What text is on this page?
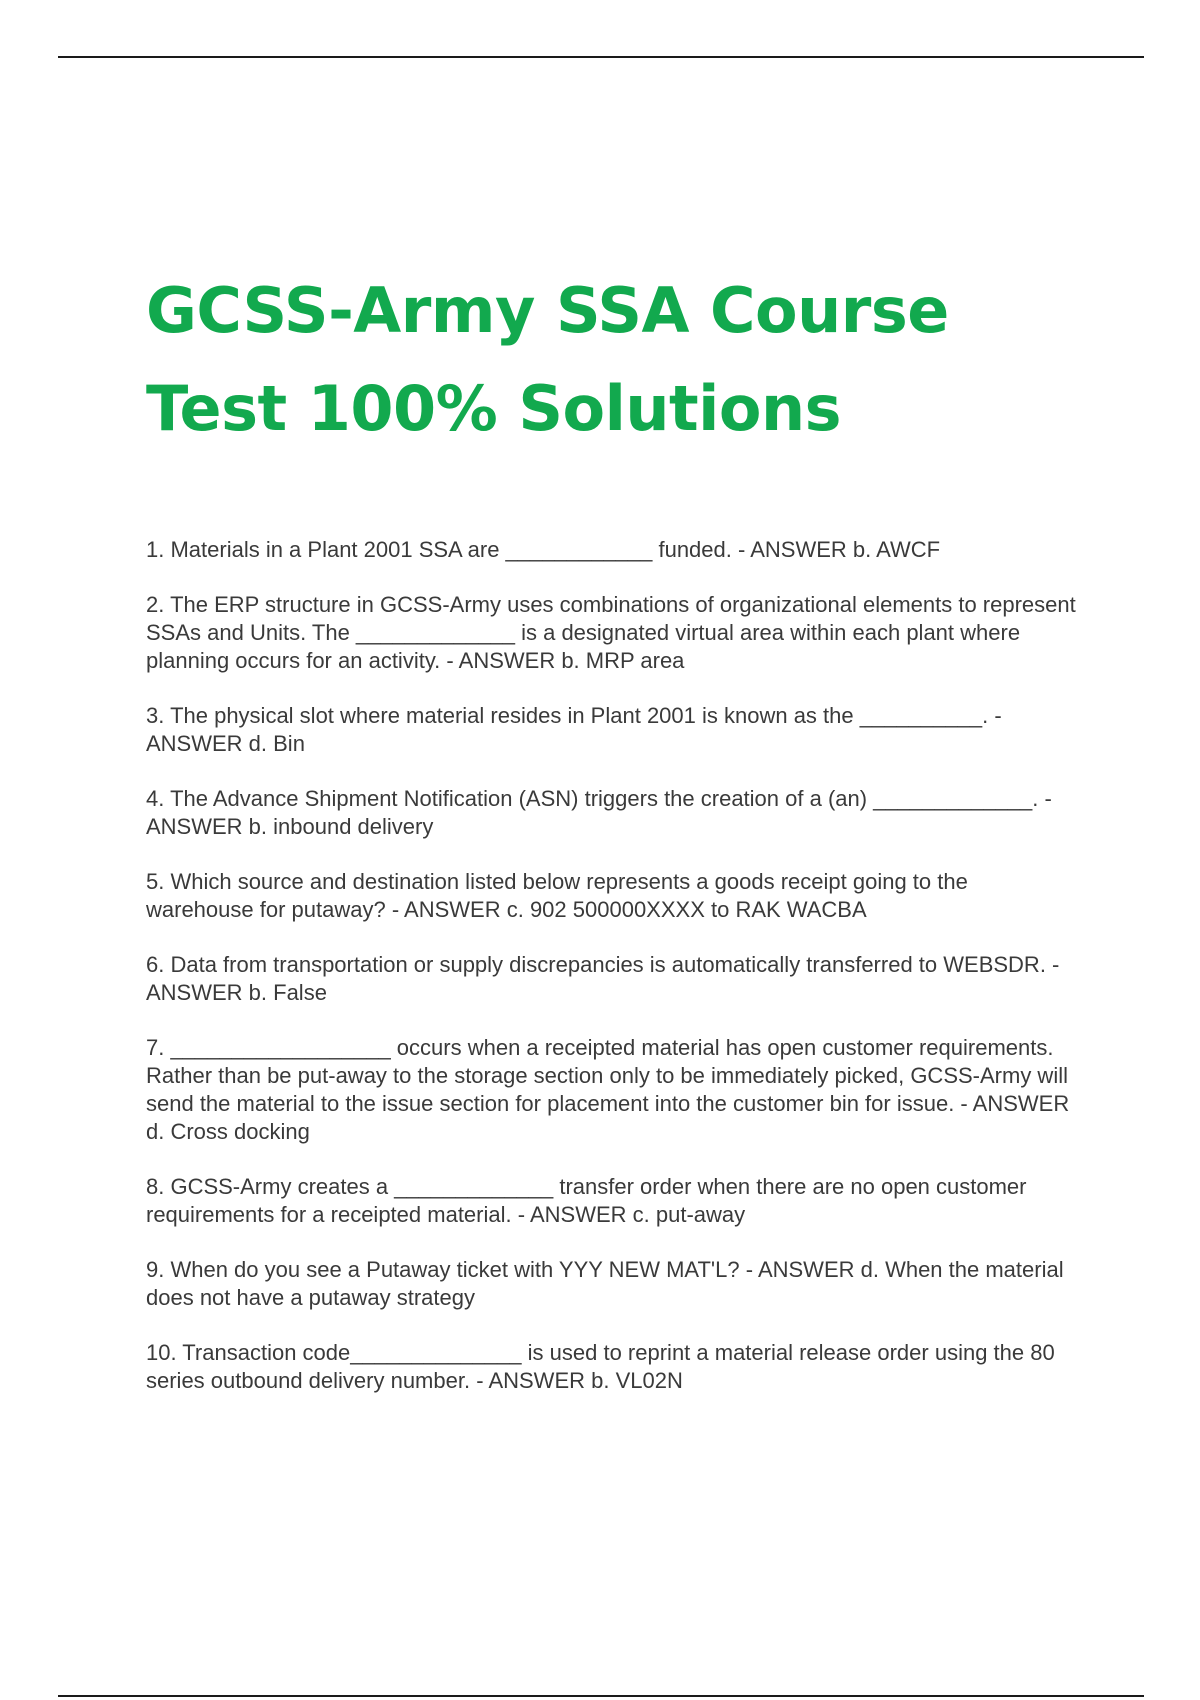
GCSS-Army SSA Course
Test 100% Solutions
1. Materials in a Plant 2001 SSA are ____________ funded. - ANSWER b. AWCF
2. The ERP structure in GCSS-Army uses combinations of organizational elements to represent SSAs and Units. The _____________ is a designated virtual area within each plant where planning occurs for an activity. - ANSWER b. MRP area
3. The physical slot where material resides in Plant 2001 is known as the __________. - ANSWER d. Bin
4. The Advance Shipment Notification (ASN) triggers the creation of a (an) _____________. - ANSWER b. inbound delivery
5. Which source and destination listed below represents a goods receipt going to the warehouse for putaway? - ANSWER c. 902 500000XXXX to RAK WACBA
6. Data from transportation or supply discrepancies is automatically transferred to WEBSDR. - ANSWER b. False
7. __________________ occurs when a receipted material has open customer requirements. Rather than be put-away to the storage section only to be immediately picked, GCSS-Army will send the material to the issue section for placement into the customer bin for issue. - ANSWER d. Cross docking
8. GCSS-Army creates a _____________ transfer order when there are no open customer requirements for a receipted material. - ANSWER c. put-away
9. When do you see a Putaway ticket with YYY NEW MAT'L? - ANSWER d. When the material does not have a putaway strategy
10. Transaction code______________ is used to reprint a material release order using the 80 series outbound delivery number. - ANSWER b. VL02N
